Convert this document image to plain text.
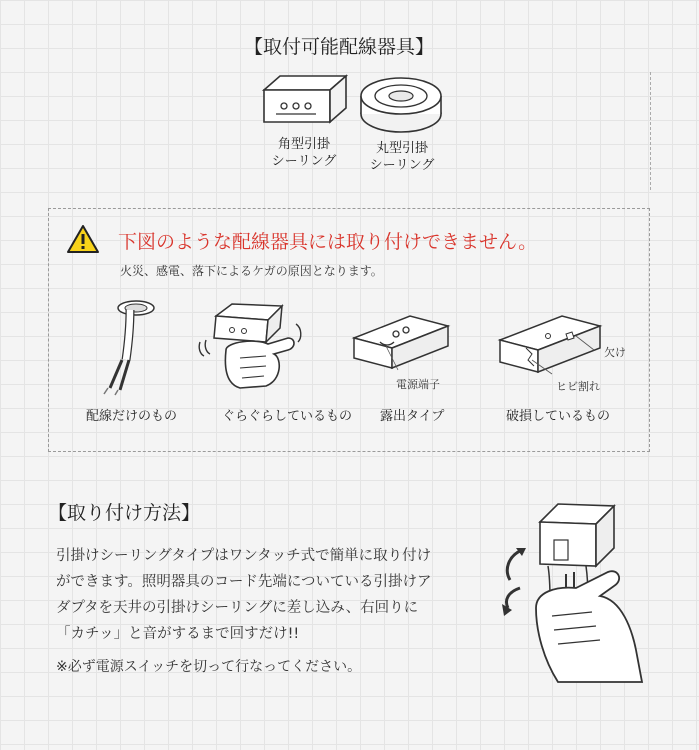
【取付可能配線器具】
角型引掛
シーリング
丸型引掛
シーリング
下図のような配線器具には取り付けできません。
火災、感電、落下によるケガの原因となります。
配線だけのもの	ぐらぐらしているもの
電源端子
露出タイプ
欠け
ヒビ割れ
破損しているもの
【取り付け方法】
引掛けシーリングタイプはワンタッチ式で簡単に取り付け
ができます。照明器具のコード先端についている引掛けア
ダプタを天井の引掛けシーリングに差し込み、右回りに
「カチッ」と音がするまで回すだけ!!
※必ず電源スイッチを切って行なってください。
